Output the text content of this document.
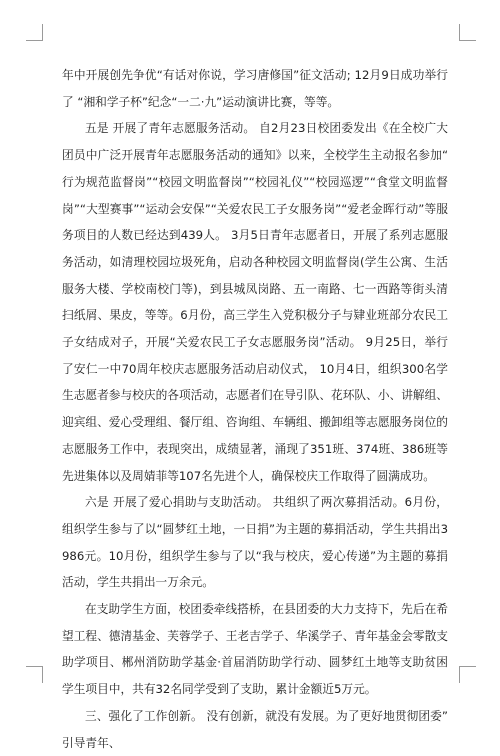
年中开展创先争优“有话对你说，学习唐修国”征文活动; 12月9日成功举行了 “湘和学子杯”纪念“一二·九”运动演讲比赛，等等。

五是 开展了青年志愿服务活动。 自2月23日校团委发出《在全校广大团员中广泛开展青年志愿服务活动的通知》以来，全校学生主动报名参加“行为规范监督岗”“校园文明监督岗”“校园礼仪”“校园巡逻”“食堂文明监督岗”“大型赛事”“运动会安保”“关爱农民工子女服务岗”“爱老金晖行动”等服务项目的人数已经达到439人。 3月5日青年志愿者日，开展了系列志愿服务活动，如清理校园垃圾死角，启动各种校园文明监督岗(学生公寓、生活服务大楼、学校南校门等)，到县城凤岗路、五一南路、七一西路等街头清扫纸屑、果皮，等等。6月份，高三学生入党积极分子与肄业班部分农民工子女结成对子，开展“关爱农民工子女志愿服务岗”活动。 9月25日，举行了安仁一中70周年校庆志愿服务活动启动仪式， 10月4日，组织300名学生志愿者参与校庆的各项活动，志愿者们在导引队、花环队、小、讲解组、迎宾组、爱心受理组、餐厅组、咨询组、车辆组、搬卸组等志愿服务岗位的志愿服务工作中，表现突出，成绩显著，涌现了351班、374班、386班等先进集体以及周婧菲等107名先进个人，确保校庆工作取得了圆满成功。

六是 开展了爱心捐助与支助活动。 共组织了两次募捐活动。6月份，组织学生参与了以“圆梦红土地，一日捐”为主题的募捐活动，学生共捐出3986元。10月份，组织学生参与了以“我与校庆，爱心传递”为主题的募捐活动，学生共捐出一万余元。

在支助学生方面，校团委牵线搭桥，在县团委的大力支持下，先后在希望工程、德清基金、芙蓉学子、王老吉学子、华溪学子、青年基金会零散支助学项目、郴州消防助学基金·首届消防助学行动、圆梦红土地等支助贫困学生项目中，共有32名同学受到了支助，累计金额近5万元。

三、强化了工作创新。 没有创新，就没有发展。为了更好地贯彻团委”引导青年、
